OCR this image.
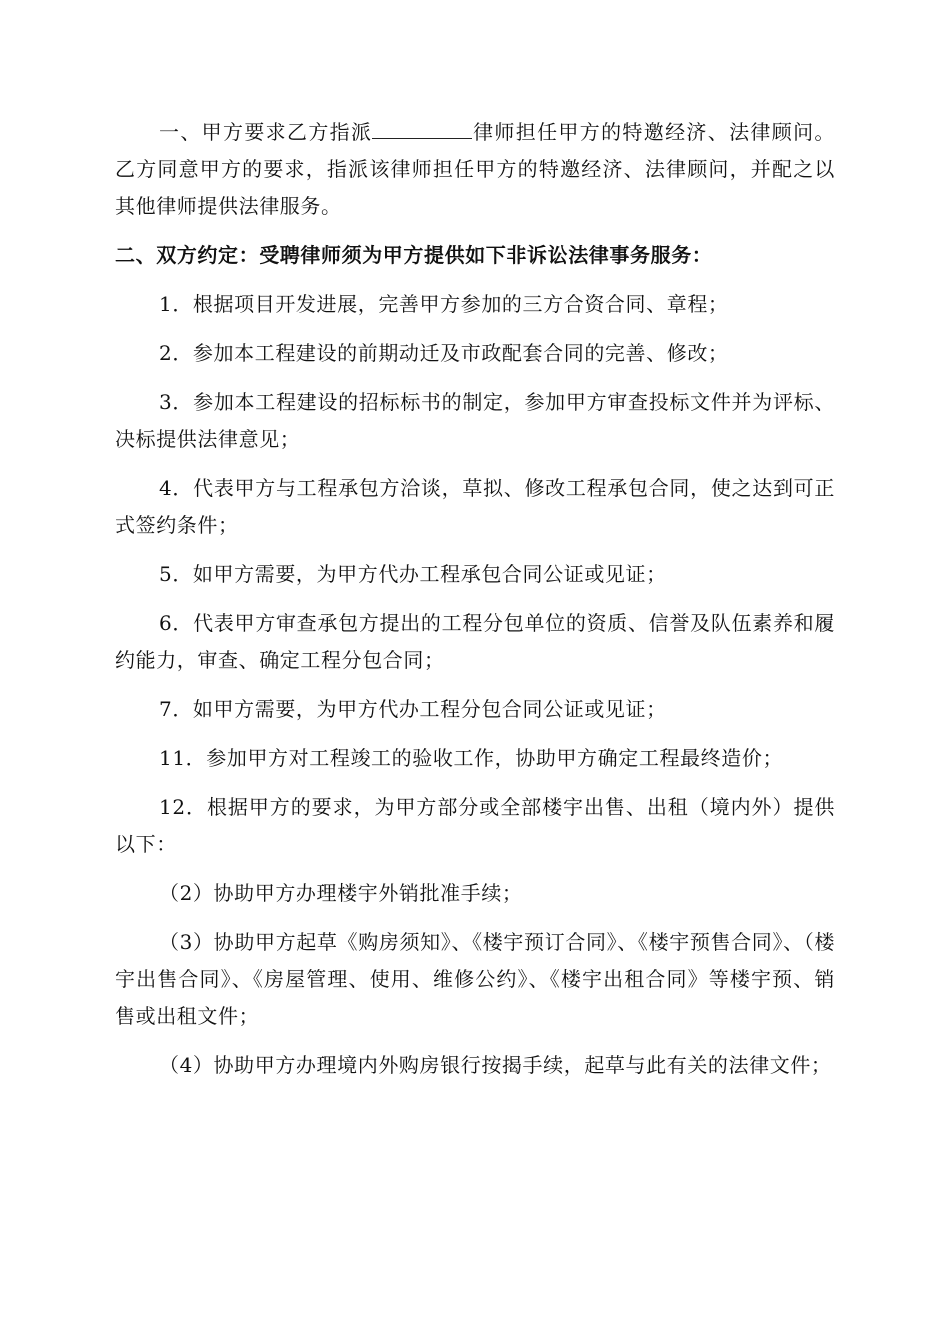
一、甲方要求乙方指派	律师担任甲方的特邀经济、法律顾问。乙方同意甲方的要求，指派该律师担任甲方的特邀经济、法律顾问，并配之以其他律师提供法律服务。

二、双方约定：受聘律师须为甲方提供如下非诉讼法律事务服务：

1．根据项目开发进展，完善甲方参加的三方合资合同、章程；

2．参加本工程建设的前期动迁及市政配套合同的完善、修改；

3．参加本工程建设的招标标书的制定，参加甲方审查投标文件并为评标、决标提供法律意见；

4．代表甲方与工程承包方洽谈，草拟、修改工程承包合同，使之达到可正式签约条件；

5．如甲方需要，为甲方代办工程承包合同公证或见证；

6．代表甲方审查承包方提出的工程分包单位的资质、信誉及队伍素养和履约能力，审查、确定工程分包合同；

7．如甲方需要，为甲方代办工程分包合同公证或见证；

11．参加甲方对工程竣工的验收工作，协助甲方确定工程最终造价；

12．根据甲方的要求，为甲方部分或全部楼宇出售、出租（境内外）提供以下：

（2）协助甲方办理楼宇外销批准手续；

（3）协助甲方起草《购房须知》、《楼宇预订合同》、《楼宇预售合同》、（楼宇出售合同》、《房屋管理、使用、维修公约》、《楼宇出租合同》等楼宇预、销售或出租文件；

（4）协助甲方办理境内外购房银行按揭手续，起草与此有关的法律文件；
